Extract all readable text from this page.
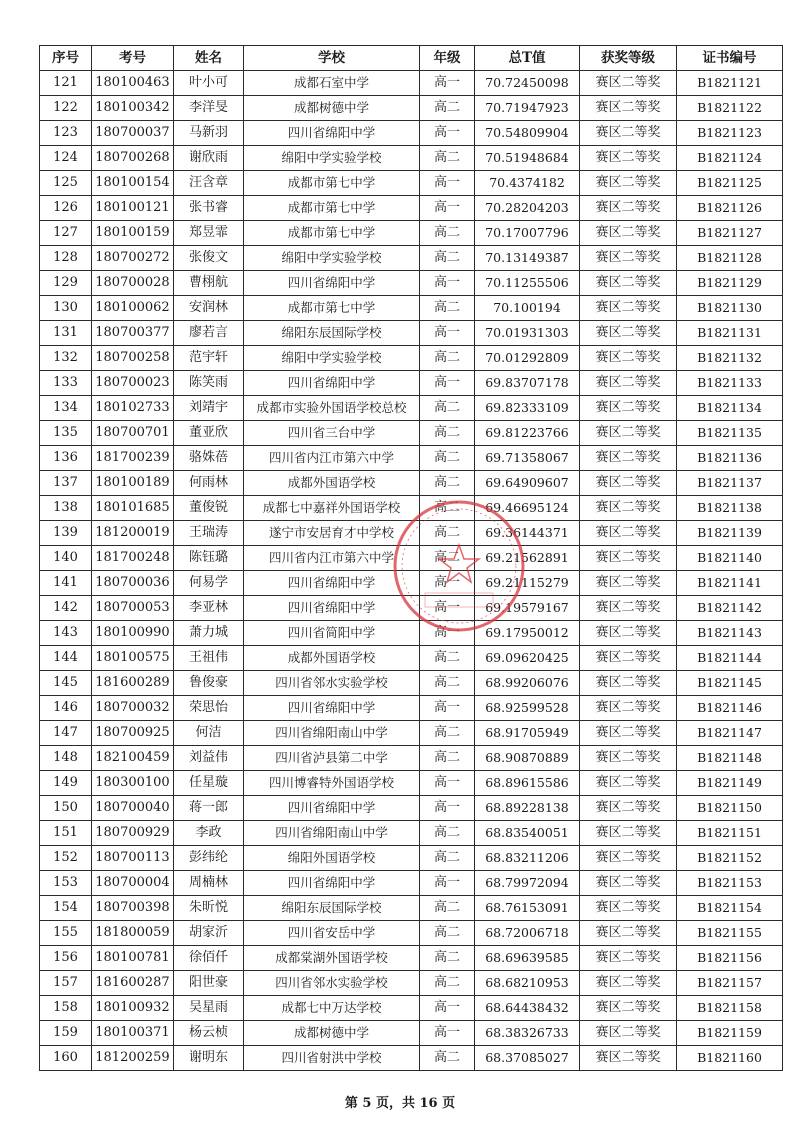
序号	考号	姓名	学校	年级	总T值	获奖等级	证书编号
121	180100463	叶小可	成都石室中学	高一	70.72450098	赛区二等奖	B1821121
122	180100342	李洋旻	成都树德中学	高二	70.71947923	赛区二等奖	B1821122
123	180700037	马新羽	四川省绵阳中学	高一	70.54809904	赛区二等奖	B1821123
124	180700268	谢欣雨	绵阳中学实验学校	高二	70.51948684	赛区二等奖	B1821124
125	180100154	汪含章	成都市第七中学	高一	70.4374182	赛区二等奖	B1821125
126	180100121	张书睿	成都市第七中学	高一	70.28204203	赛区二等奖	B1821126
127	180100159	郑昱霏	成都市第七中学	高二	70.17007796	赛区二等奖	B1821127
128	180700272	张俊文	绵阳中学实验学校	高二	70.13149387	赛区二等奖	B1821128
129	180700028	曹栩航	四川省绵阳中学	高一	70.11255506	赛区二等奖	B1821129
130	180100062	安润林	成都市第七中学	高二	70.100194	赛区二等奖	B1821130
131	180700377	廖若言	绵阳东辰国际学校	高一	70.01931303	赛区二等奖	B1821131
132	180700258	范宇轩	绵阳中学实验学校	高二	70.01292809	赛区二等奖	B1821132
133	180700023	陈笑雨	四川省绵阳中学	高一	69.83707178	赛区二等奖	B1821133
134	180102733	刘靖宇	成都市实验外国语学校总校	高二	69.82333109	赛区二等奖	B1821134
135	180700701	董亚欣	四川省三台中学	高二	69.81223766	赛区二等奖	B1821135
136	181700239	骆姝蓓	四川省内江市第六中学	高二	69.71358067	赛区二等奖	B1821136
137	180100189	何雨林	成都外国语学校	高二	69.64909607	赛区二等奖	B1821137
138	180101685	董俊锐	成都七中嘉祥外国语学校	高二	69.46695124	赛区二等奖	B1821138
139	181200019	王瑞涛	遂宁市安居育才中学校	高二	69.36144371	赛区二等奖	B1821139
140	181700248	陈钰璐	四川省内江市第六中学	高二	69.21562891	赛区二等奖	B1821140
141	180700036	何易学	四川省绵阳中学	高一	69.21115279	赛区二等奖	B1821141
142	180700053	李亚林	四川省绵阳中学	高一	69.19579167	赛区二等奖	B1821142
143	180100990	萧力城	四川省简阳中学	高一	69.17950012	赛区二等奖	B1821143
144	180100575	王祖伟	成都外国语学校	高二	69.09620425	赛区二等奖	B1821144
145	181600289	鲁俊豪	四川省邻水实验学校	高二	68.99206076	赛区二等奖	B1821145
146	180700032	荣思怡	四川省绵阳中学	高一	68.92599528	赛区二等奖	B1821146
147	180700925	何洁	四川省绵阳南山中学	高二	68.91705949	赛区二等奖	B1821147
148	182100459	刘益伟	四川省泸县第二中学	高二	68.90870889	赛区二等奖	B1821148
149	180300100	任星璇	四川博睿特外国语学校	高一	68.89615586	赛区二等奖	B1821149
150	180700040	蒋一郎	四川省绵阳中学	高一	68.89228138	赛区二等奖	B1821150
151	180700929	李政	四川省绵阳南山中学	高二	68.83540051	赛区二等奖	B1821151
152	180700113	彭纬纶	绵阳外国语学校	高二	68.83211206	赛区二等奖	B1821152
153	180700004	周楠林	四川省绵阳中学	高一	68.79972094	赛区二等奖	B1821153
154	180700398	朱昕悦	绵阳东辰国际学校	高二	68.76153091	赛区二等奖	B1821154
155	181800059	胡家沂	四川省安岳中学	高二	68.72006718	赛区二等奖	B1821155
156	180100781	徐佰仟	成都棠湖外国语学校	高二	68.69639585	赛区二等奖	B1821156
157	181600287	阳世豪	四川省邻水实验学校	高二	68.68210953	赛区二等奖	B1821157
158	180100932	吴星雨	成都七中万达学校	高一	68.64438432	赛区二等奖	B1821158
159	180100371	杨云桢	成都树德中学	高一	68.38326733	赛区二等奖	B1821159
160	181200259	谢明东	四川省射洪中学校	高二	68.37085027	赛区二等奖	B1821160
第 5 页，共 16 页
